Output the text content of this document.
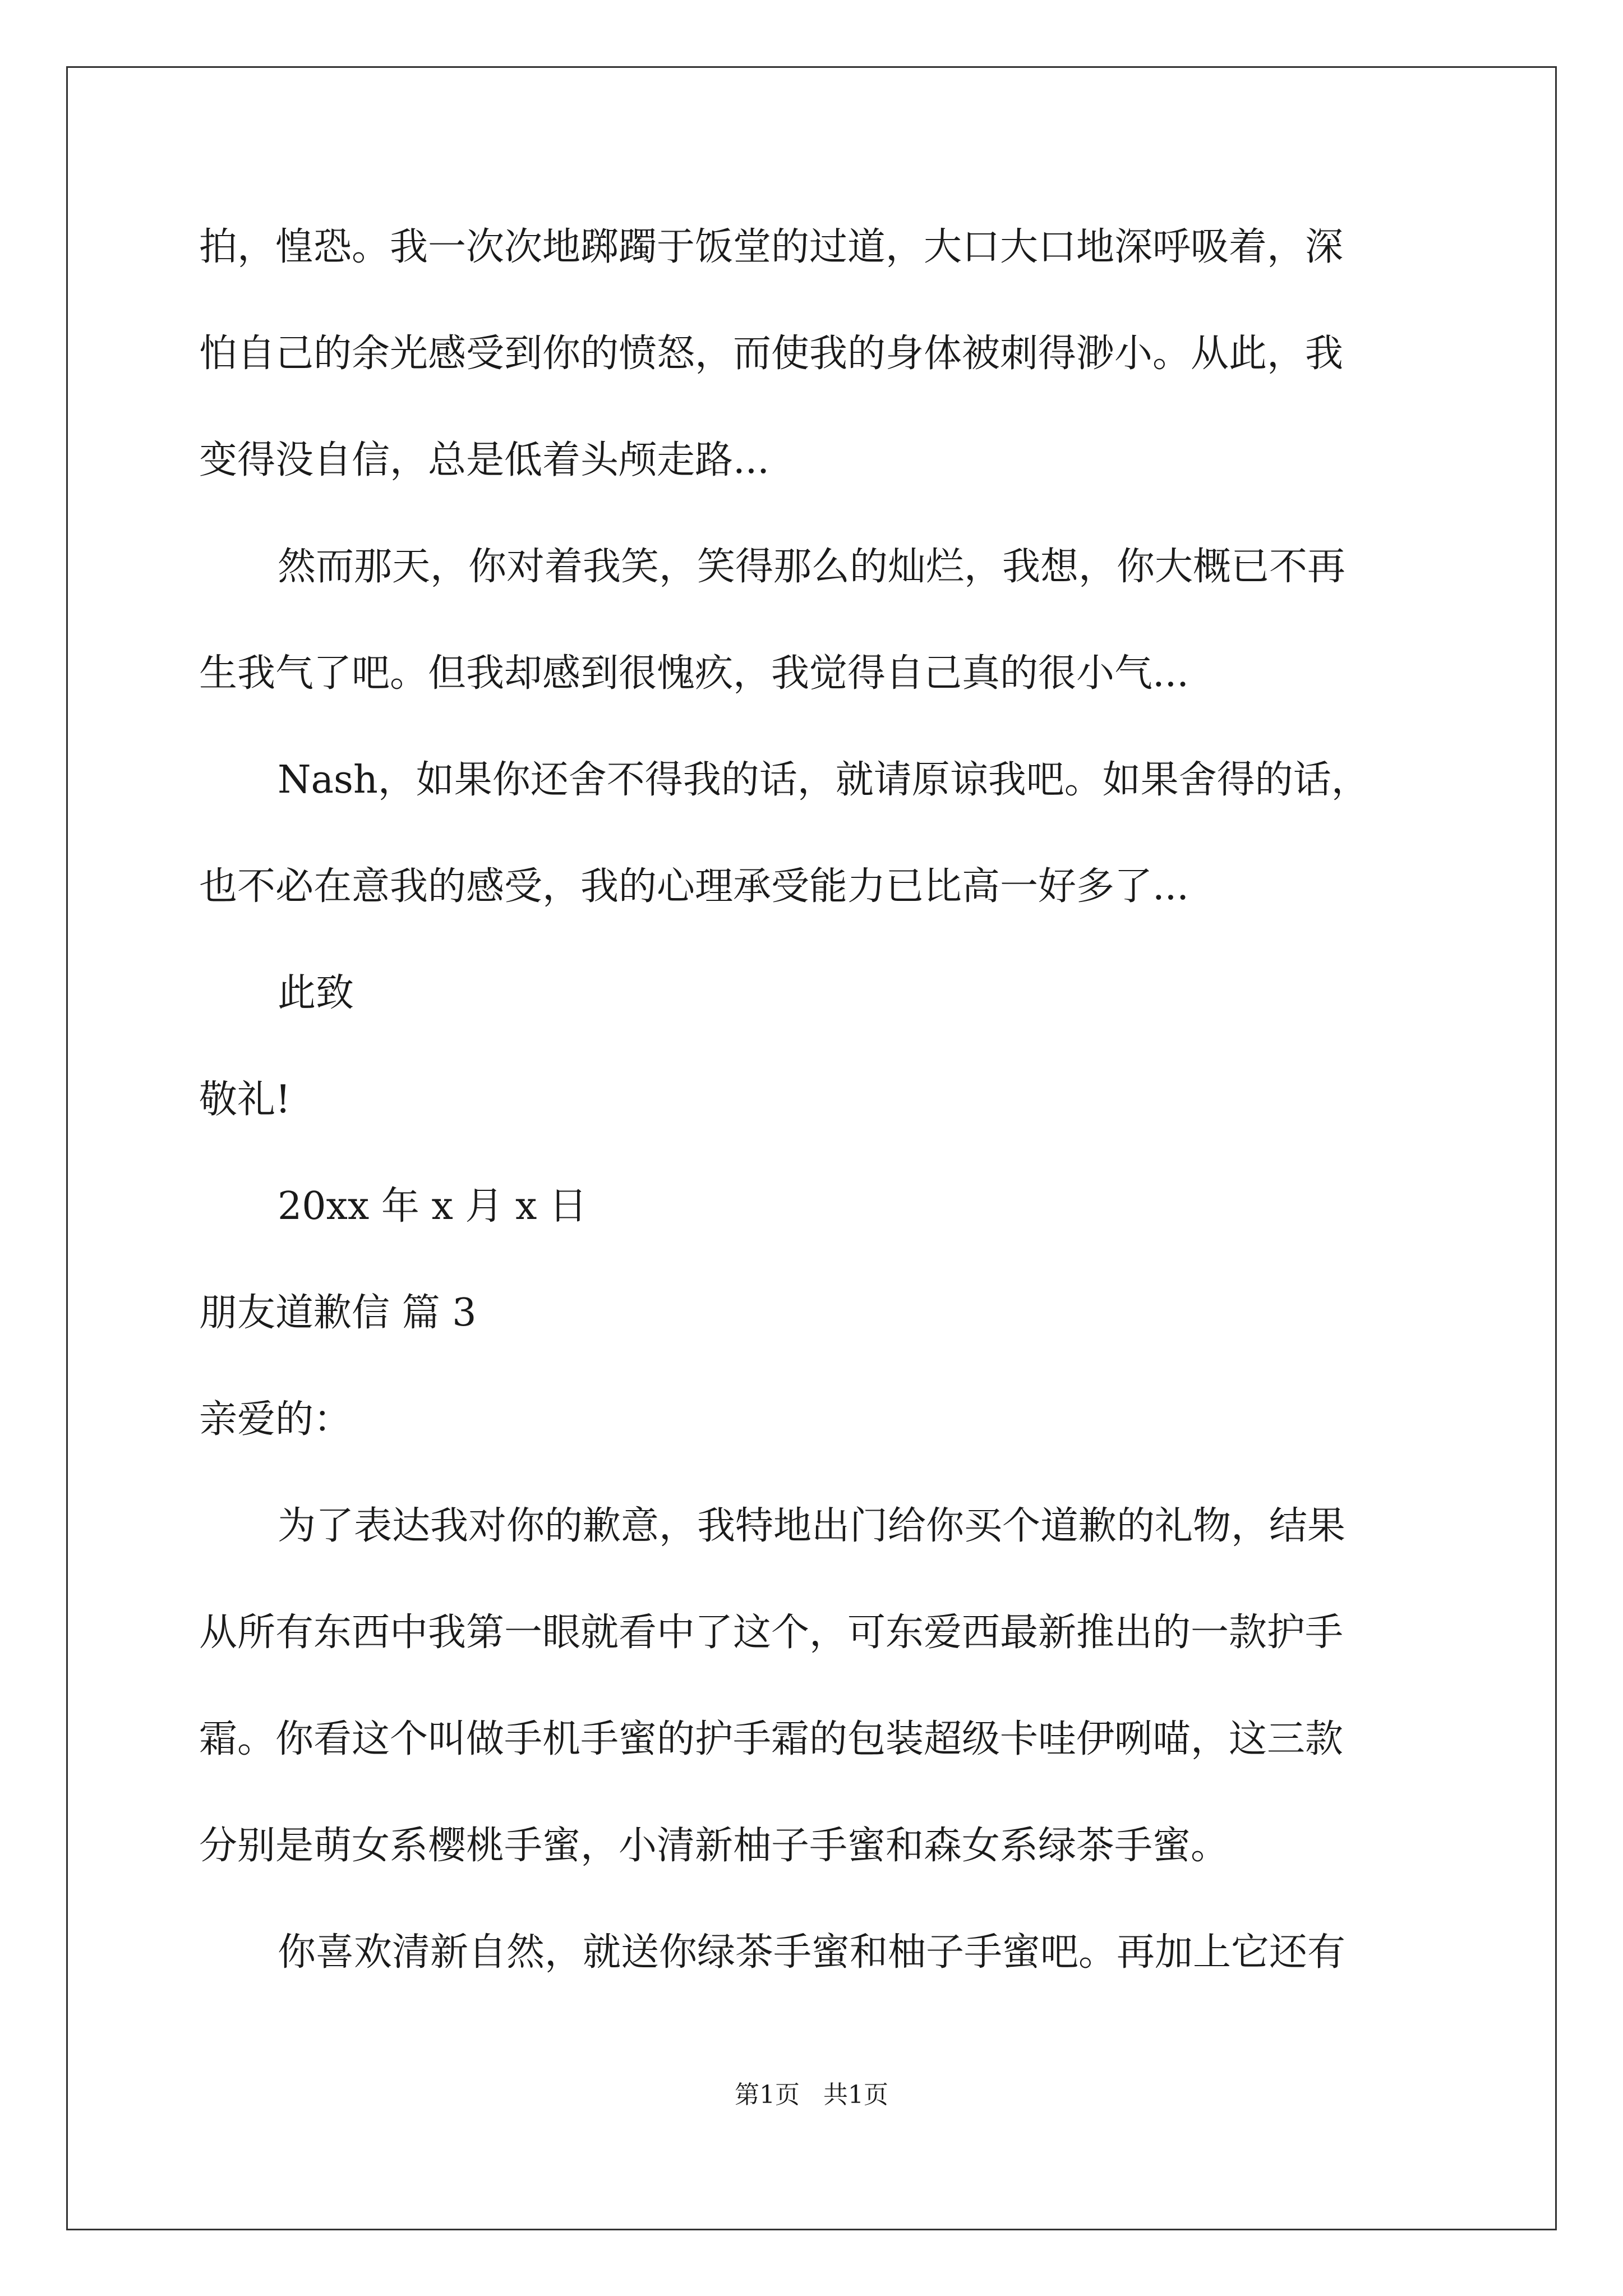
拍，惶恐。我一次次地踯躅于饭堂的过道，大口大口地深呼吸着，深
怕自己的余光感受到你的愤怒，而使我的身体被刺得渺小。从此，我
变得没自信，总是低着头颅走路...
然而那天，你对着我笑，笑得那么的灿烂，我想，你大概已不再
生我气了吧。但我却感到很愧疚，我觉得自己真的很小气...
Nash，如果你还舍不得我的话，就请原谅我吧。如果舍得的话，
也不必在意我的感受，我的心理承受能力已比高一好多了...
此致
敬礼!
20xx 年 x 月 x 日
朋友道歉信 篇 3
亲爱的：
为了表达我对你的歉意，我特地出门给你买个道歉的礼物，结果
从所有东西中我第一眼就看中了这个，可东爱西最新推出的一款护手
霜。你看这个叫做手机手蜜的护手霜的包装超级卡哇伊咧喵，这三款
分别是萌女系樱桃手蜜，小清新柚子手蜜和森女系绿茶手蜜。
你喜欢清新自然，就送你绿茶手蜜和柚子手蜜吧。再加上它还有
第1页   共1页
